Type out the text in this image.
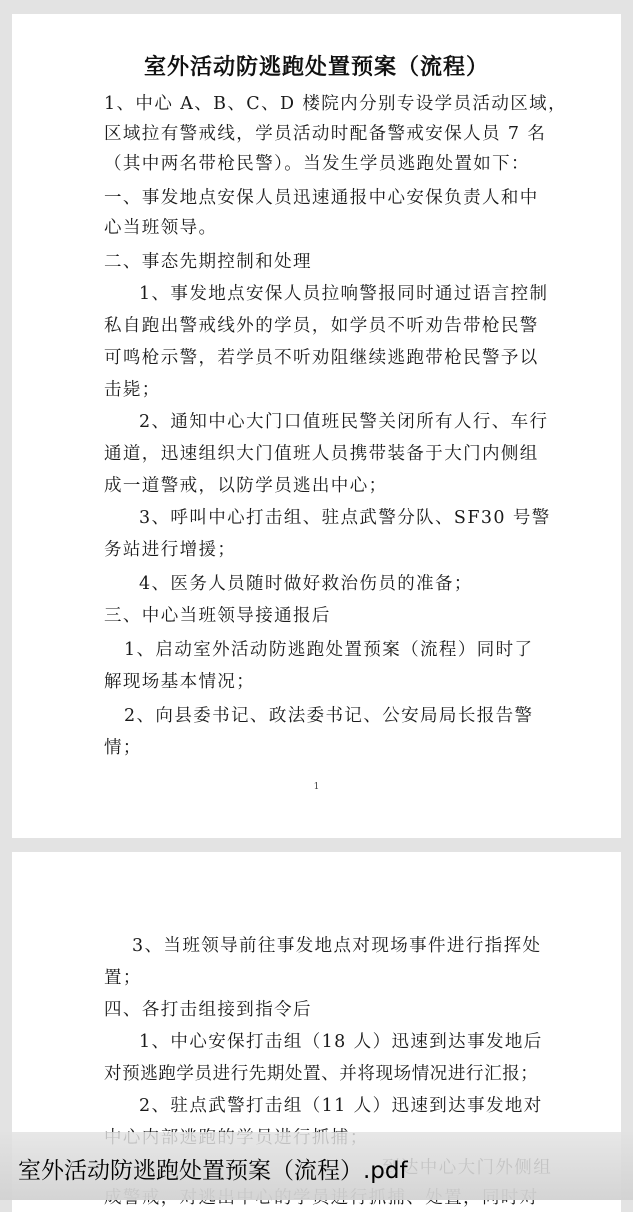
室外活动防逃跑处置预案（流程）
1、中心 A、B、C、D 楼院内分别专设学员活动区域，
区域拉有警戒线，学员活动时配备警戒安保人员 7 名
（其中两名带枪民警）。当发生学员逃跑处置如下：
一、事发地点安保人员迅速通报中心安保负责人和中
心当班领导。
二、事态先期控制和处理
1、事发地点安保人员拉响警报同时通过语言控制
私自跑出警戒线外的学员，如学员不听劝告带枪民警
可鸣枪示警，若学员不听劝阻继续逃跑带枪民警予以
击毙；
2、通知中心大门口值班民警关闭所有人行、车行
通道，迅速组织大门值班人员携带装备于大门内侧组
成一道警戒，以防学员逃出中心；
3、呼叫中心打击组、驻点武警分队、SF30 号警
务站进行增援；
4、医务人员随时做好救治伤员的准备；
三、中心当班领导接通报后
1、启动室外活动防逃跑处置预案（流程）同时了
解现场基本情况；
2、向县委书记、政法委书记、公安局局长报告警
情；
1
3、当班领导前往事发地点对现场事件进行指挥处
置；
四、各打击组接到指令后
1、中心安保打击组（18 人）迅速到达事发地后
对预逃跑学员进行先期处置、并将现场情况进行汇报；
2、驻点武警打击组（11 人）迅速到达事发地对
室外活动防逃跑处置预案（流程）.pdf
